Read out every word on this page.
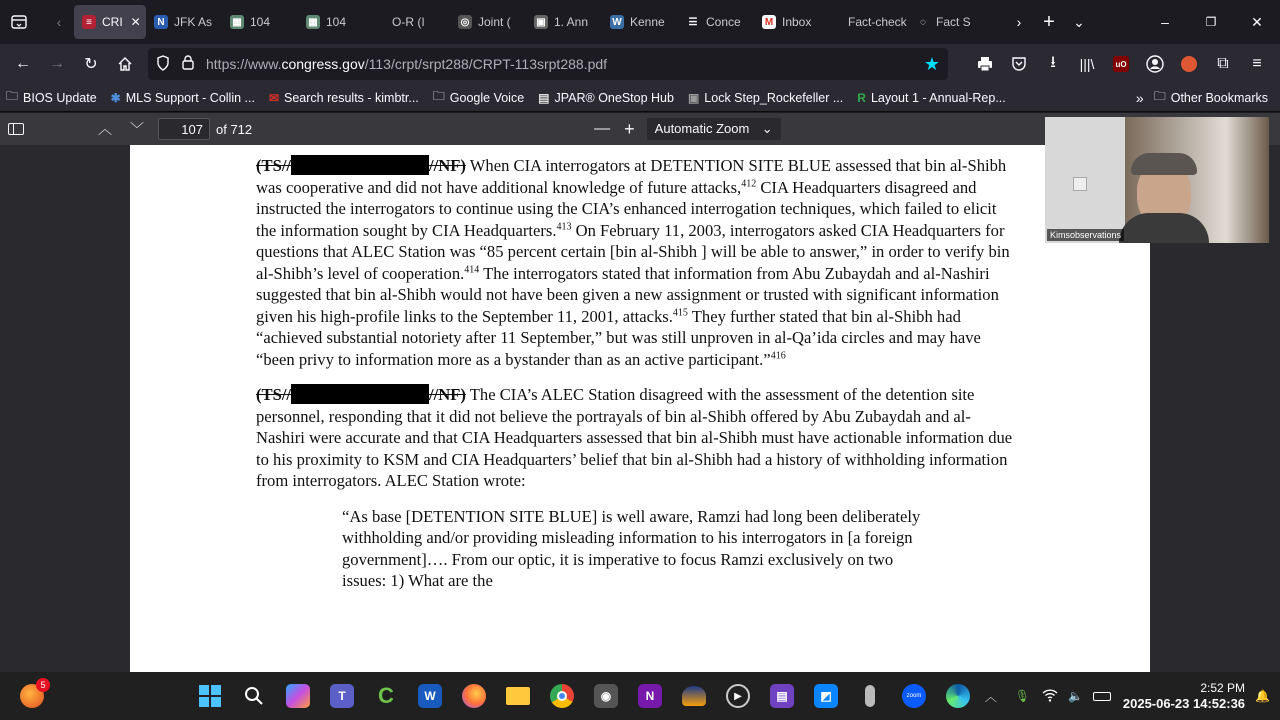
‹	≡ CRI ✕	N JFK As ▦ 104	▦ 104	O-R (I	◎ Joint (	▣ 1. Ann W Kenne ☰ Conce M Inbox	Fact-check	◌ Fact S	›	+	⌄	–	❐	✕
←	→	↻	https://www. congress.gov /113/crpt/srpt288/CRPT-113srpt288.pdf	★	⭳	|||\	uO	⧉	≡
🗀 BIOS Update ✱ MLS Support - Collin ... ✉ Search results - kimbtr... 🗀 Google Voice ▤ JPAR® OneStop Hub ▣ Lock Step_Rockefeller ... R Layout 1 - Annual-Rep...	» 🗀 Other Bookmarks
︿ ﹀	107	of 712	— + Automatic Zoom ⌄

(TS//	//NF) When CIA interrogators at DETENTION SITE BLUE assessed that bin al-Shibh was cooperative and did not have additional knowledge of future attacks,$^{412}$ CIA Headquarters disagreed and instructed the interrogators to continue using the CIA’s enhanced interrogation techniques, which failed to elicit the information sought by CIA Headquarters.$^{413}$ On February 11, 2003, interrogators asked CIA Headquarters for questions that ALEC Station was “85 percent certain [bin al-Shibh ] will be able to answer,” in order to verify bin al-Shibh’s level of cooperation.$^{414}$ The interrogators stated that information from Abu Zubaydah and al-Nashiri suggested that bin al-Shibh would not have been given a new assignment or trusted with significant information given his high-profile links to the September 11, 2001, attacks.$^{415}$ They further stated that bin al-Shibh had “achieved substantial notoriety after 11 September,” but was still unproven in al-Qa’ida circles and may have “been privy to information more as a bystander than as an active participant.”$^{416}$

(TS//	//NF) The CIA’s ALEC Station disagreed with the assessment of the detention site personnel, responding that it did not believe the portrayals of bin al-Shibh offered by Abu Zubaydah and al-Nashiri were accurate and that CIA Headquarters assessed that bin al-Shibh must have actionable information due to his proximity to KSM and CIA Headquarters’ belief that bin al-Shibh had a history of withholding information from interrogators. ALEC Station wrote:

“As base [DETENTION SITE BLUE] is well aware, Ramzi had long been deliberately withholding and/or providing misleading information to his interrogators in [a foreign government]…. From our optic, it is imperative to focus Ramzi exclusively on two issues: 1) What are the

Kimsobservations
5
T	C	W	◉	N	▶	▤	◩	zoom	︿ 🎙	🔈
2:52 PM
2025-06-23 14:52:36 🔔
